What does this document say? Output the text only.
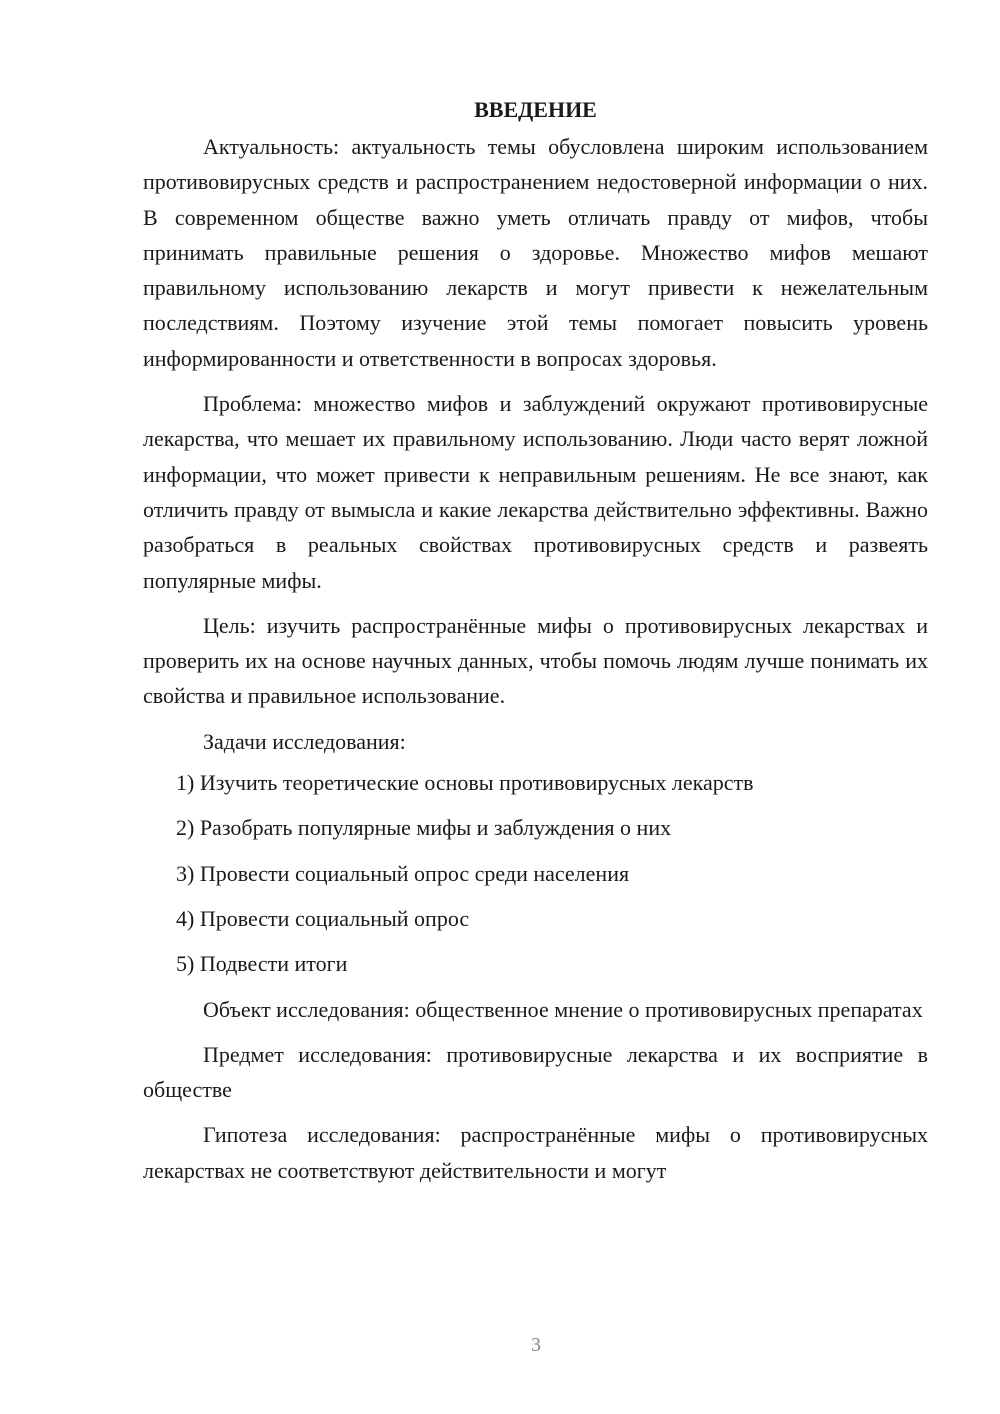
ВВЕДЕНИЕ

Актуальность: актуальность темы обусловлена широким использованием противовирусных средств и распространением недостоверной информации о них. В современном обществе важно уметь отличать правду от мифов, чтобы принимать правильные решения о здоровье. Множество мифов мешают правильному использованию лекарств и могут привести к нежелательным последствиям. Поэтому изучение этой темы помогает повысить уровень информированности и ответственности в вопросах здоровья.

Проблема: множество мифов и заблуждений окружают противовирусные лекарства, что мешает их правильному использованию. Люди часто верят ложной информации, что может привести к неправильным решениям. Не все знают, как отличить правду от вымысла и какие лекарства действительно эффективны. Важно разобраться в реальных свойствах противовирусных средств и развеять популярные мифы.

Цель: изучить распространённые мифы о противовирусных лекарствах и проверить их на основе научных данных, чтобы помочь людям лучше понимать их свойства и правильное использование.

Задачи исследования:

1) Изучить теоретические основы противовирусных лекарств
2) Разобрать популярные мифы и заблуждения о них
3) Провести социальный опрос среди населения
4) Провести социальный опрос
5) Подвести итоги

Объект исследования: общественное мнение о противовирусных препаратах

Предмет исследования: противовирусные лекарства и их восприятие в обществе

Гипотеза исследования: распространённые мифы о противовирусных лекарствах не соответствуют действительности и могут

3
